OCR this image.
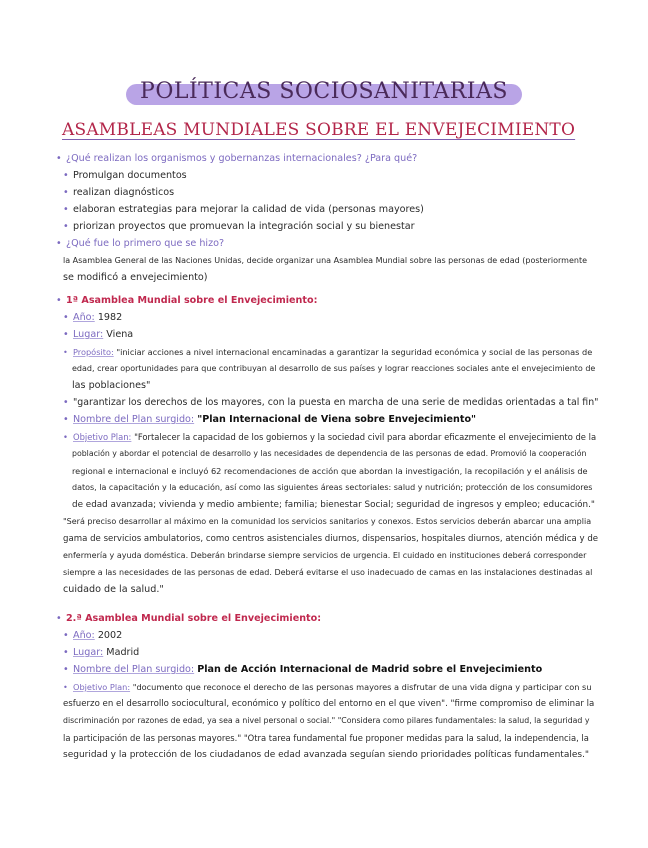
POLÍTICAS SOCIOSANITARIAS
ASAMBLEAS MUNDIALES SOBRE EL ENVEJECIMIENTO
• ¿Qué realizan los organismos y gobernanzas internacionales? ¿Para qué?
• Promulgan documentos
• realizan diagnósticos
• elaboran estrategias para mejorar la calidad de vida (personas mayores)
• priorizan proyectos que promuevan la integración social y su bienestar
• ¿Qué fue lo primero que se hizo?
la Asamblea General de las Naciones Unidas, decide organizar una Asamblea Mundial sobre las personas de edad (posteriormente
se modificó a envejecimiento)
• 1ª Asamblea Mundial sobre el Envejecimiento:
• Año: 1982
• Lugar: Viena
• Propósito: "iniciar acciones a nivel internacional encaminadas a garantizar la seguridad económica y social de las personas de
edad, crear oportunidades para que contribuyan al desarrollo de sus países y lograr reacciones sociales ante el envejecimiento de
las poblaciones"
• "garantizar los derechos de los mayores, con la puesta en marcha de una serie de medidas orientadas a tal fin"
• Nombre del Plan surgido: "Plan Internacional de Viena sobre Envejecimiento"
• Objetivo Plan: "Fortalecer la capacidad de los gobiernos y la sociedad civil para abordar eficazmente el envejecimiento de la
población y abordar el potencial de desarrollo y las necesidades de dependencia de las personas de edad. Promovió la cooperación
regional e internacional e incluyó 62 recomendaciones de acción que abordan la investigación, la recopilación y el análisis de
datos, la capacitación y la educación, así como las siguientes áreas sectoriales: salud y nutrición; protección de los consumidores
de edad avanzada; vivienda y medio ambiente; familia; bienestar Social; seguridad de ingresos y empleo; educación."
"Será preciso desarrollar al máximo en la comunidad los servicios sanitarios y conexos. Estos servicios deberán abarcar una amplia
gama de servicios ambulatorios, como centros asistenciales diurnos, dispensarios, hospitales diurnos, atención médica y de
enfermería y ayuda doméstica. Deberán brindarse siempre servicios de urgencia. El cuidado en instituciones deberá corresponder
siempre a las necesidades de las personas de edad. Deberá evitarse el uso inadecuado de camas en las instalaciones destinadas al
cuidado de la salud."
• 2.ª Asamblea Mundial sobre el Envejecimiento:
• Año: 2002
• Lugar: Madrid
• Nombre del Plan surgido: Plan de Acción Internacional de Madrid sobre el Envejecimiento
• Objetivo Plan: "documento que reconoce el derecho de las personas mayores a disfrutar de una vida digna y participar con su
esfuerzo en el desarrollo sociocultural, económico y político del entorno en el que viven". "firme compromiso de eliminar la
discriminación por razones de edad, ya sea a nivel personal o social." "Considera como pilares fundamentales: la salud, la seguridad y
la participación de las personas mayores." "Otra tarea fundamental fue proponer medidas para la salud, la independencia, la
seguridad y la protección de los ciudadanos de edad avanzada seguían siendo prioridades políticas fundamentales."
